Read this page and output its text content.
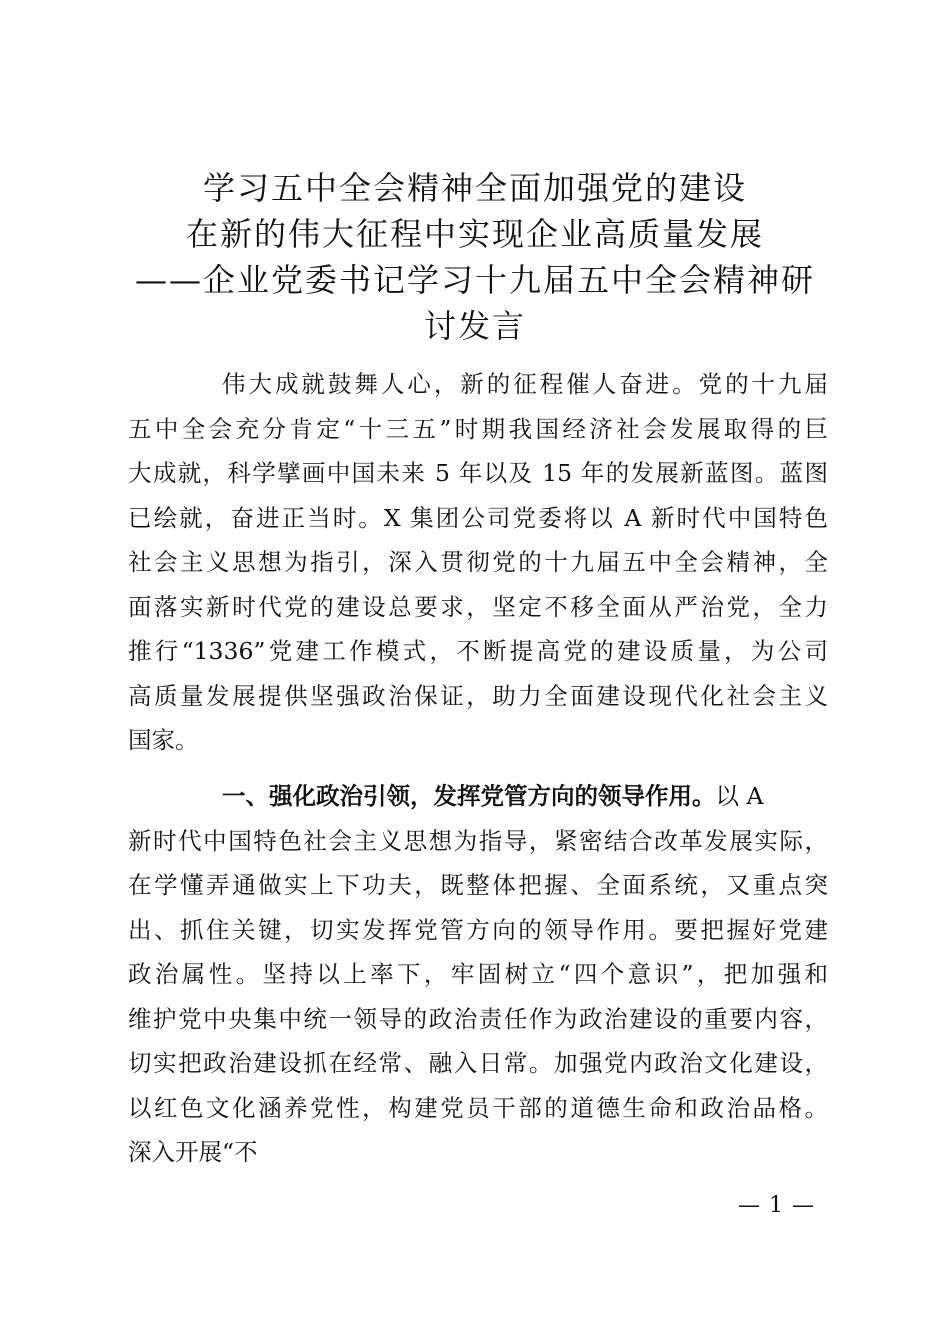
学习五中全会精神全面加强党的建设
在新的伟大征程中实现企业高质量发展
——企业党委书记学习十九届五中全会精神研
讨发言
伟大成就鼓舞人心，新的征程催人奋进。党的十九届
五中全会充分肯定“十三五”时期我国经济社会发展取得的巨
大成就，科学擘画中国未来 5 年以及 15 年的发展新蓝图。蓝图
已绘就，奋进正当时。X 集团公司党委将以 A 新时代中国特色
社会主义思想为指引，深入贯彻党的十九届五中全会精神，全
面落实新时代党的建设总要求，坚定不移全面从严治党，全力
推行“1336”党建工作模式，不断提高党的建设质量，为公司
高质量发展提供坚强政治保证，助力全面建设现代化社会主义
国家。
一、强化政治引领，发挥党管方向的领导作用。以 A
新时代中国特色社会主义思想为指导，紧密结合改革发展实际，
在学懂弄通做实上下功夫，既整体把握、全面系统，又重点突
出、抓住关键，切实发挥党管方向的领导作用。要把握好党建
政治属性。坚持以上率下，牢固树立“四个意识”，把加强和
维护党中央集中统一领导的政治责任作为政治建设的重要内容，
切实把政治建设抓在经常、融入日常。加强党内政治文化建设，
以红色文化涵养党性，构建党员干部的道德生命和政治品格。
深入开展“不
— 1 —
